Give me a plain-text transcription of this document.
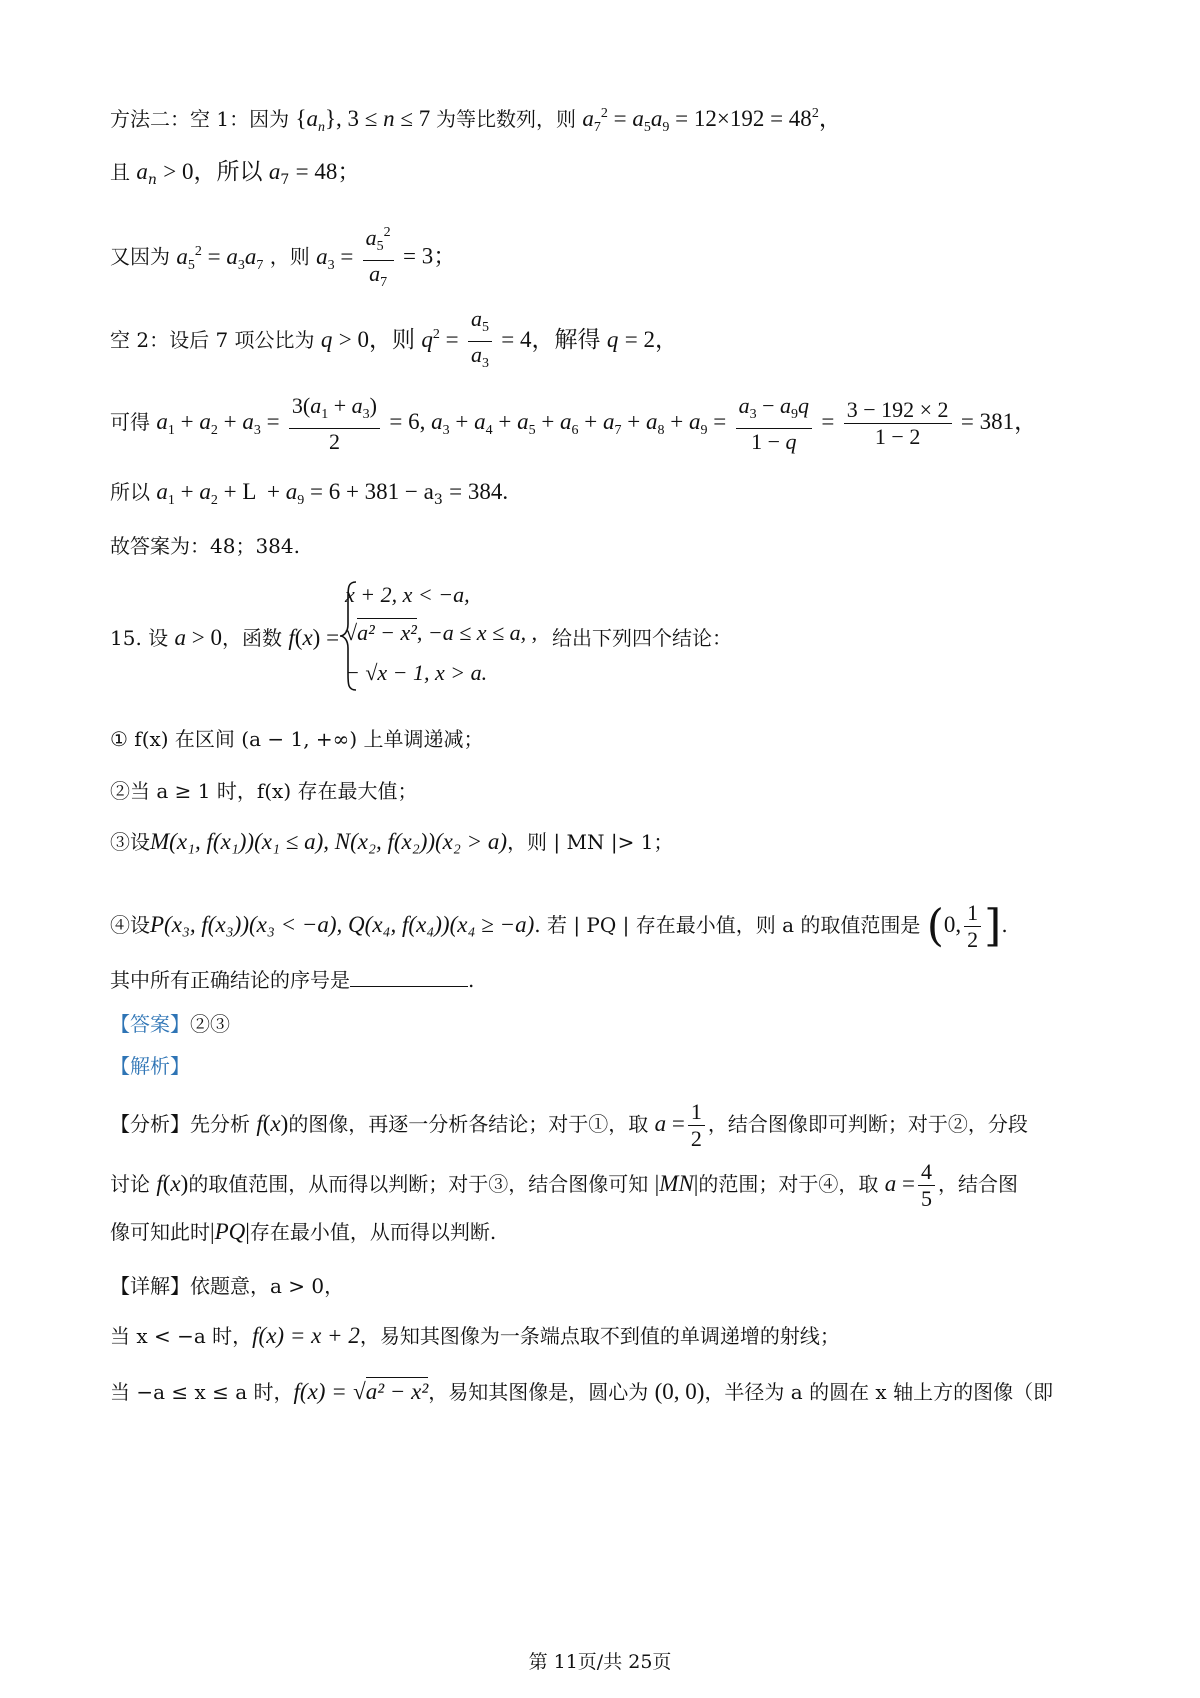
方法二：空 1：因为 $\{a_n\}$, 3 ≤ n ≤ 7 为等比数列，则 $a_7^2 = a_5a_9 = 12\times 192 = 48^2$，
且 $a_n > 0$，所以 $a_7 = 48$；
又因为 $a_5^2 = a_3a_7$ ，则 $a_3 = \frac{a_5^2}{a_7} = 3$；
空 2：设后 7 项公比为 q > 0，则 $q^2 = \frac{a_5}{a_3} = 4$，解得 q = 2，
可得 $a_1 + a_2 + a_3 = \frac{3(a_1 + a_3)}{2} = 6$, $a_3 + a_4 + a_5 + a_6 + a_7 + a_8 + a_9 = \frac{a_3 - a_9q}{1 - q} = \frac{3 - 192 \times 2}{1 - 2} = 381$，
所以 $a_1 + a_2 + L + a_9 = 6 + 381 - a_3 = 384$.
故答案为：48；384.
15. 设 a > 0，函数 f(x) =
x + 2, x < −a,
√a² − x², −a ≤ x ≤ a, ,
− √x − 1, x > a.
给出下列四个结论：
① f(x) 在区间 (a − 1, +∞) 上单调递减；
②当 a ≥ 1 时，f(x) 存在最大值；
③设M(x₁, f(x₁))(x₁ ≤ a), N(x₂, f(x₂))(x₂ > a)，则 | MN |> 1；
④设P(x₃, f(x₃))(x₃ < −a), Q(x₄, f(x₄))(x₄ ≥ −a). 若 | PQ | 存在最小值，则 a 的取值范围是 (0, $\frac{1}{2}$ ].
其中所有正确结论的序号是	.
【答案】②③
【解析】
【分析】先分析 f(x)的图像，再逐一分析各结论；对于①，取 $a = \frac{1}{2}$ ，结合图像即可判断；对于②，分段
讨论 f(x)的取值范围，从而得以判断；对于③，结合图像可知 |MN|的范围；对于④，取 $a = \frac{4}{5}$ ，结合图
像可知此时|PQ|存在最小值，从而得以判断.
【详解】依题意，a > 0，
当 x < −a 时，f(x) = x + 2，易知其图像为一条端点取不到值的单调递增的射线；
当 −a ≤ x ≤ a 时，f(x) = √a² − x²，易知其图像是，圆心为 (0, 0)，半径为 a 的圆在 x 轴上方的图像（即
第 11页/共 25页
